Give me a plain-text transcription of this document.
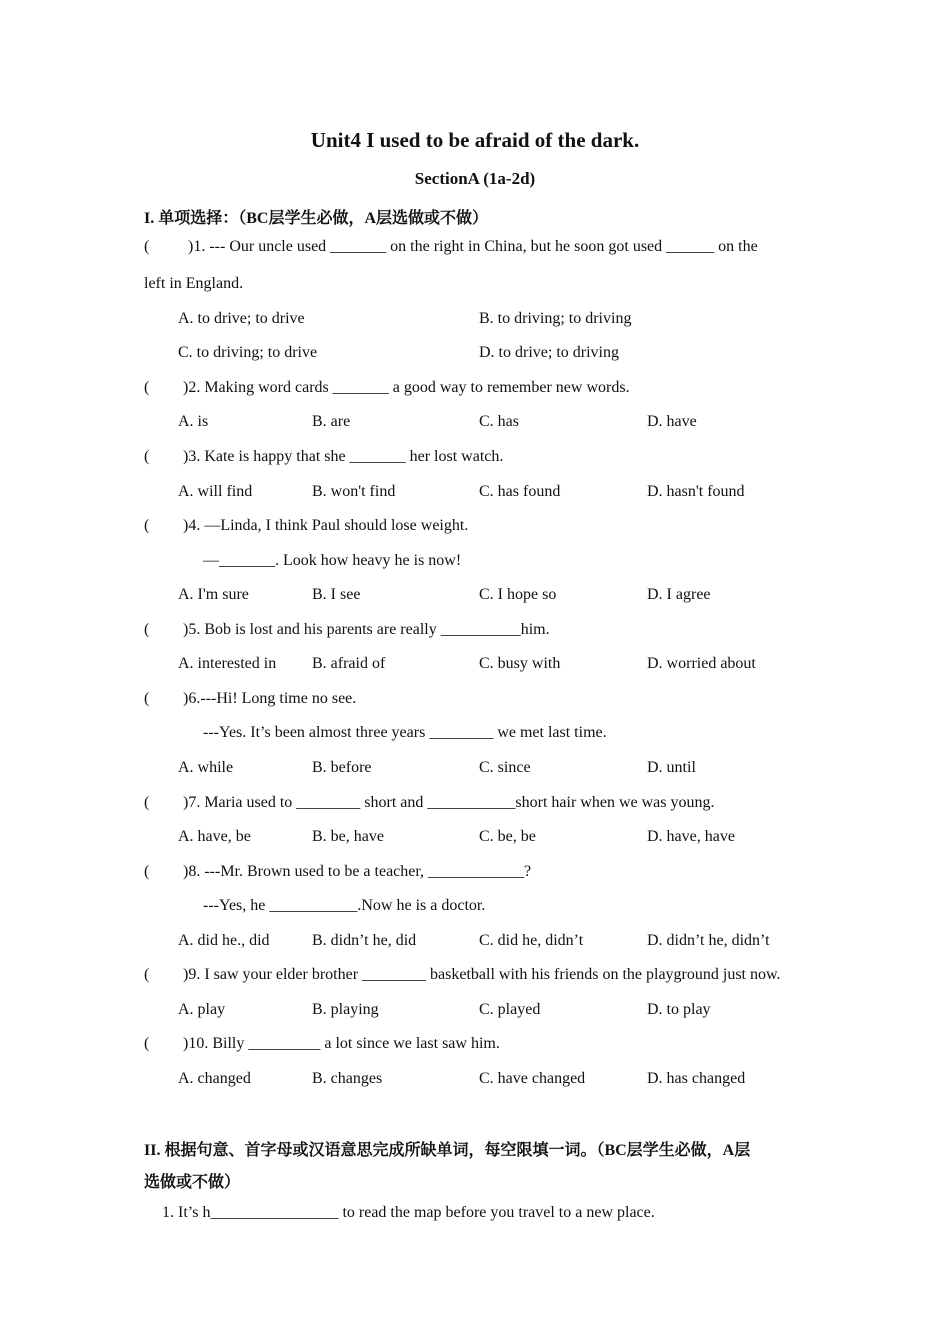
Unit4 I used to be afraid of the dark.
SectionA (1a-2d)
I. 单项选择：（BC层学生必做，A层选做或不做）
(	)1. --- Our uncle used _______ on the right in China, but he soon got used ______ on the
left in England.
A. to drive; to drive	B. to driving; to driving
C. to driving; to drive	D. to drive; to driving
(	)2. Making word cards _______ a good way to remember new words.
A. is	B. are	C. has	D. have
(	)3. Kate is happy that she _______ her lost watch.
A. will find	B. won't find	C. has found	D. hasn't found
(	)4. —Linda, I think Paul should lose weight.
—_______. Look how heavy he is now!
A. I'm sure	B. I see	C. I hope so	D. I agree
(	)5. Bob is lost and his parents are really __________him.
A. interested in B. afraid of	C. busy with	D. worried about
(	)6.---Hi! Long time no see.
---Yes. It’s been almost three years ________ we met last time.
A. while	B. before	C. since	D. until
(	)7. Maria used to ________ short and ___________short hair when we was young.
A. have, be	B. be, have	C. be, be	D. have, have
(	)8. ---Mr. Brown used to be a teacher, ____________?
---Yes, he ___________.Now he is a doctor.
A. did he., did	B. didn’t he, did	C. did he, didn’t	D. didn’t he, didn’t
(	)9. I saw your elder brother ________ basketball with his friends on the playground just now.
A. play	B. playing	C. played	D. to play
(	)10. Billy _________ a lot since we last saw him.
A. changed	B. changes	C. have changed	D. has changed
II. 根据句意、首字母或汉语意思完成所缺单词，每空限填一词。（BC层学生必做，A层
选做或不做）
1. It’s h________________ to read the map before you travel to a new place.
